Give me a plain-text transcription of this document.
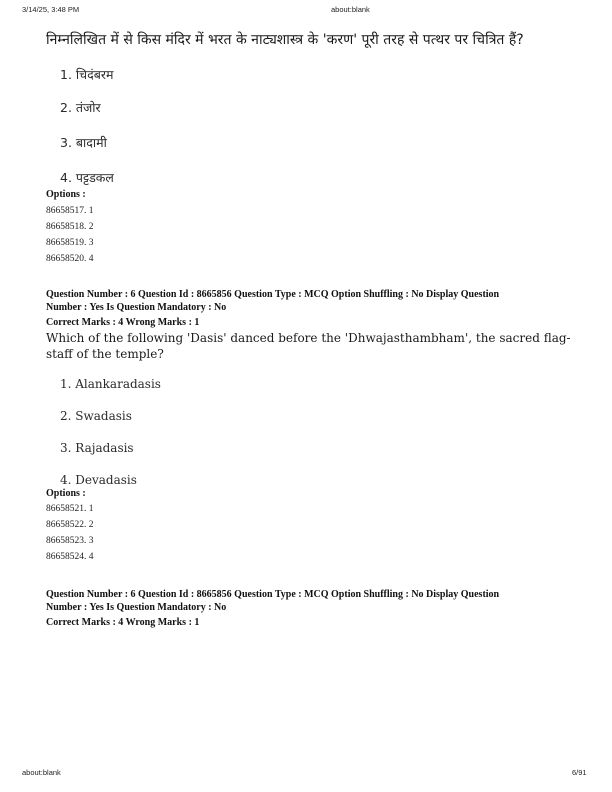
3/14/25, 3:48 PM	about:blank
निम्नलिखित में से किस मंदिर में भरत के नाट्यशास्त्र के 'करण' पूरी तरह से पत्थर पर चित्रित हैं?
1. चिदंबरम
2. तंजोर
3. बादामी
4. पट्टडकल
Options :
86658517. 1
86658518. 2
86658519. 3
86658520. 4
Question Number : 6 Question Id : 8665856 Question Type : MCQ Option Shuffling : No Display Question
Number : Yes Is Question Mandatory : No
Correct Marks : 4 Wrong Marks : 1
Which of the following 'Dasis' danced before the 'Dhwajasthambham', the sacred flag-staff of the temple?
1. Alankaradasis
2. Swadasis
3. Rajadasis
4. Devadasis
Options :
86658521. 1
86658522. 2
86658523. 3
86658524. 4
Question Number : 6 Question Id : 8665856 Question Type : MCQ Option Shuffling : No Display Question
Number : Yes Is Question Mandatory : No
Correct Marks : 4 Wrong Marks : 1
about:blank	6/91
